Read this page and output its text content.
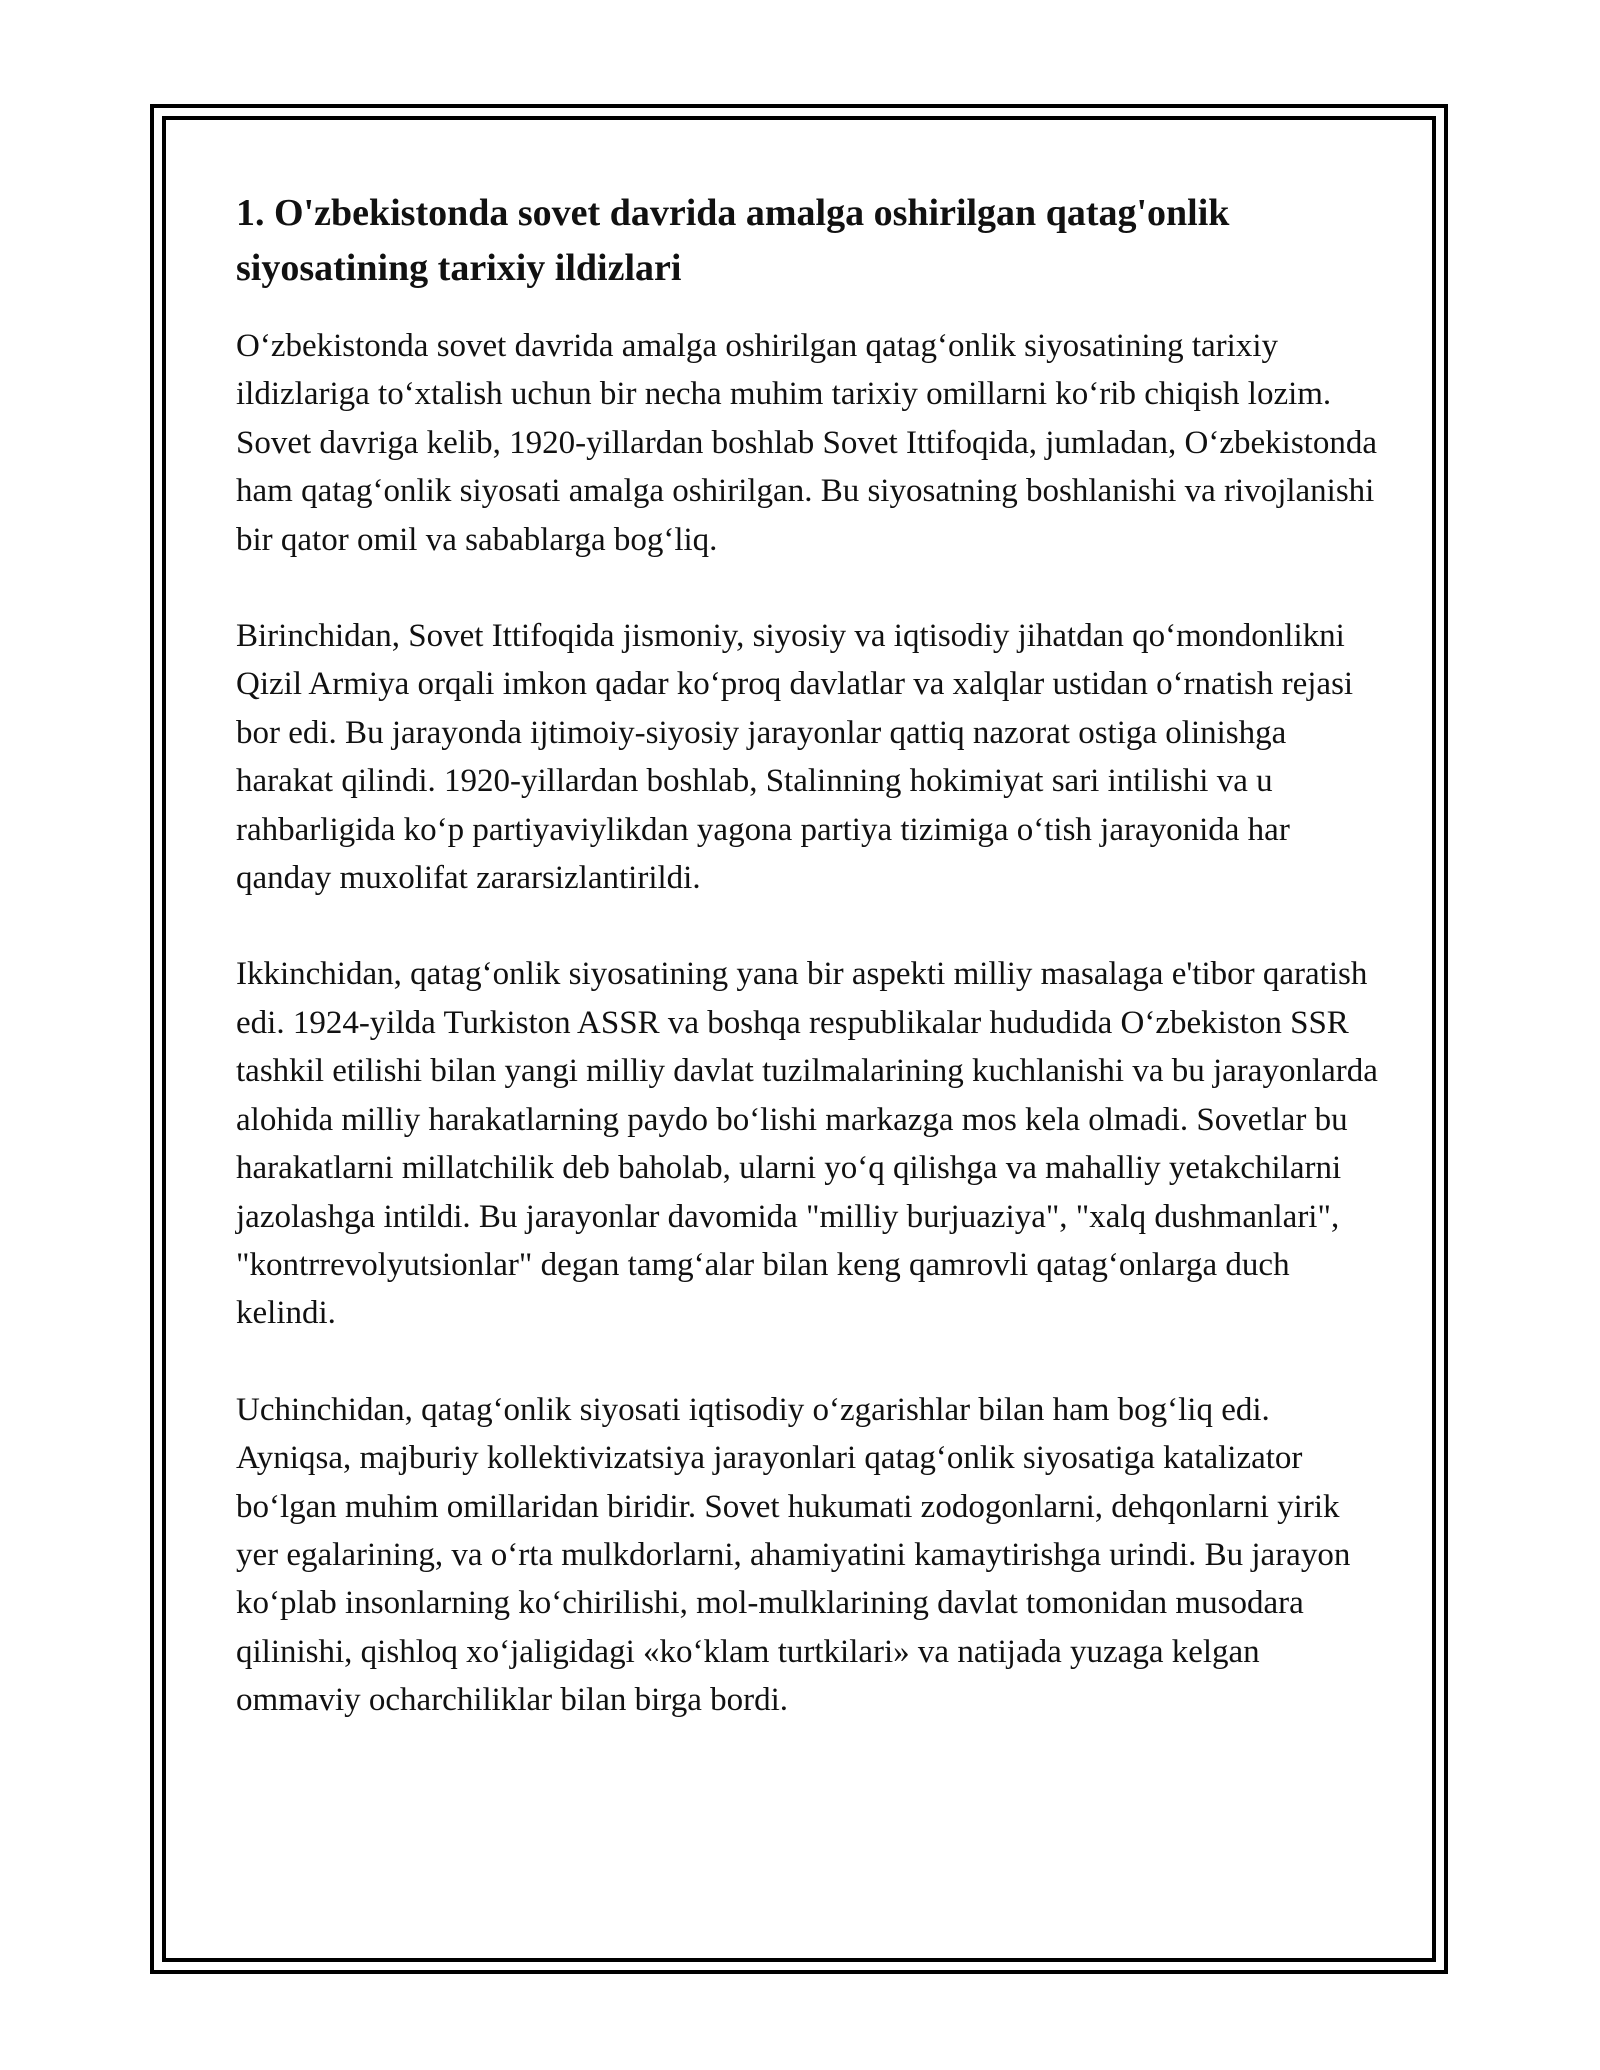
1. O'zbekistonda sovet davrida amalga oshirilgan qatag'onlik siyosatining tarixiy ildizlari

O‘zbekistonda sovet davrida amalga oshirilgan qatag‘onlik siyosatining tarixiy ildizlariga to‘xtalish uchun bir necha muhim tarixiy omillarni ko‘rib chiqish lozim. Sovet davriga kelib, 1920-yillardan boshlab Sovet Ittifoqida, jumladan, O‘zbekistonda ham qatag‘onlik siyosati amalga oshirilgan. Bu siyosatning boshlanishi va rivojlanishi bir qator omil va sabablarga bog‘liq.

Birinchidan, Sovet Ittifoqida jismoniy, siyosiy va iqtisodiy jihatdan qo‘mondonlikni Qizil Armiya orqali imkon qadar ko‘proq davlatlar va xalqlar ustidan o‘rnatish rejasi bor edi. Bu jarayonda ijtimoiy-siyosiy jarayonlar qattiq nazorat ostiga olinishga harakat qilindi. 1920-yillardan boshlab, Stalinning hokimiyat sari intilishi va u rahbarligida ko‘p partiyaviylikdan yagona partiya tizimiga o‘tish jarayonida har qanday muxolifat zararsizlantirildi.

Ikkinchidan, qatag‘onlik siyosatining yana bir aspekti milliy masalaga e'tibor qaratish edi. 1924-yilda Turkiston ASSR va boshqa respublikalar hududida O‘zbekiston SSR tashkil etilishi bilan yangi milliy davlat tuzilmalarining kuchlanishi va bu jarayonlarda alohida milliy harakatlarning paydo bo‘lishi markazga mos kela olmadi. Sovetlar bu harakatlarni millatchilik deb baholab, ularni yo‘q qilishga va mahalliy yetakchilarni jazolashga intildi. Bu jarayonlar davomida "milliy burjuaziya", "xalq dushmanlari", "kontrrevolyutsionlar" degan tamg‘alar bilan keng qamrovli qatag‘onlarga duch kelindi.

Uchinchidan, qatag‘onlik siyosati iqtisodiy o‘zgarishlar bilan ham bog‘liq edi. Ayniqsa, majburiy kollektivizatsiya jarayonlari qatag‘onlik siyosatiga katalizator bo‘lgan muhim omillaridan biridir. Sovet hukumati zodogonlarni, dehqonlarni yirik yer egalarining, va o‘rta mulkdorlarni, ahamiyatini kamaytirishga urindi. Bu jarayon ko‘plab insonlarning ko‘chirilishi, mol-mulklarining davlat tomonidan musodara qilinishi, qishloq xo‘jaligidagi «ko‘klam turtkilari» va natijada yuzaga kelgan ommaviy ocharchiliklar bilan birga bordi.
